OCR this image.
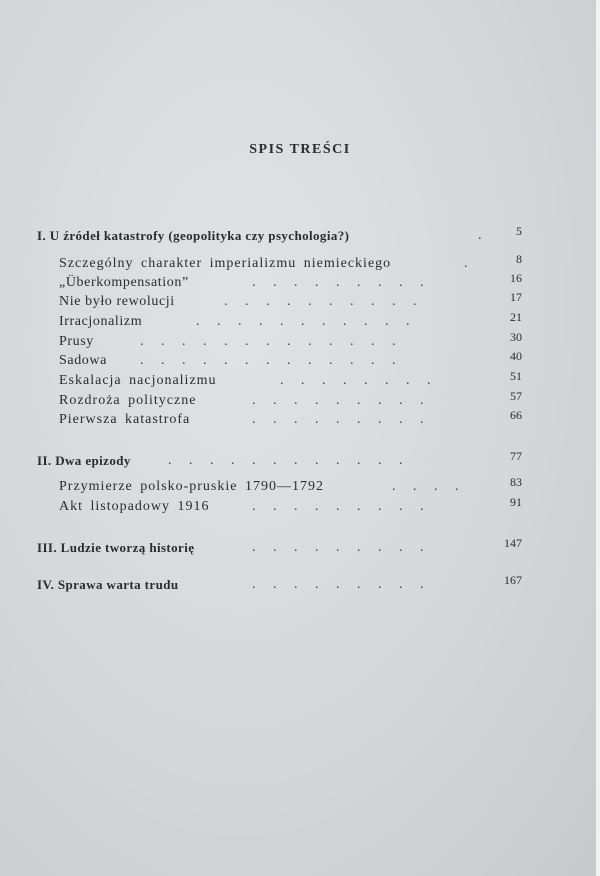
SPIS TREŚCI
I. U źródeł katastrofy (geopolityka czy psychologia?)	. 5
Szczególny charakter imperializmu niemieckiego	.	8
„Überkompensation”	. . . . . . . . .	16
Nie było rewolucji	. . . . . . . . . .	17
Irracjonalizm	. . . . . . . . . . .	21
Prusy	. . . . . . . . . . . . .	30
Sadowa . . . . . . . . . . . . .	40
Eskalacja nacjonalizmu	. . . . . . . .	51
Rozdroża polityczne	. . . . . . . . .	57
Pierwsza katastrofa	. . . . . . . . .	66
II. Dwa epizody	. . . . . . . . . . . .	77
Przymierze polsko-pruskie 1790—1792	. . . .	83
Akt listopadowy 1916	. . . . . . . . .	91
III. Ludzie tworzą historię	. . . . . . . . .	147
IV. Sprawa warta trudu	. . . . . . . . .	167
